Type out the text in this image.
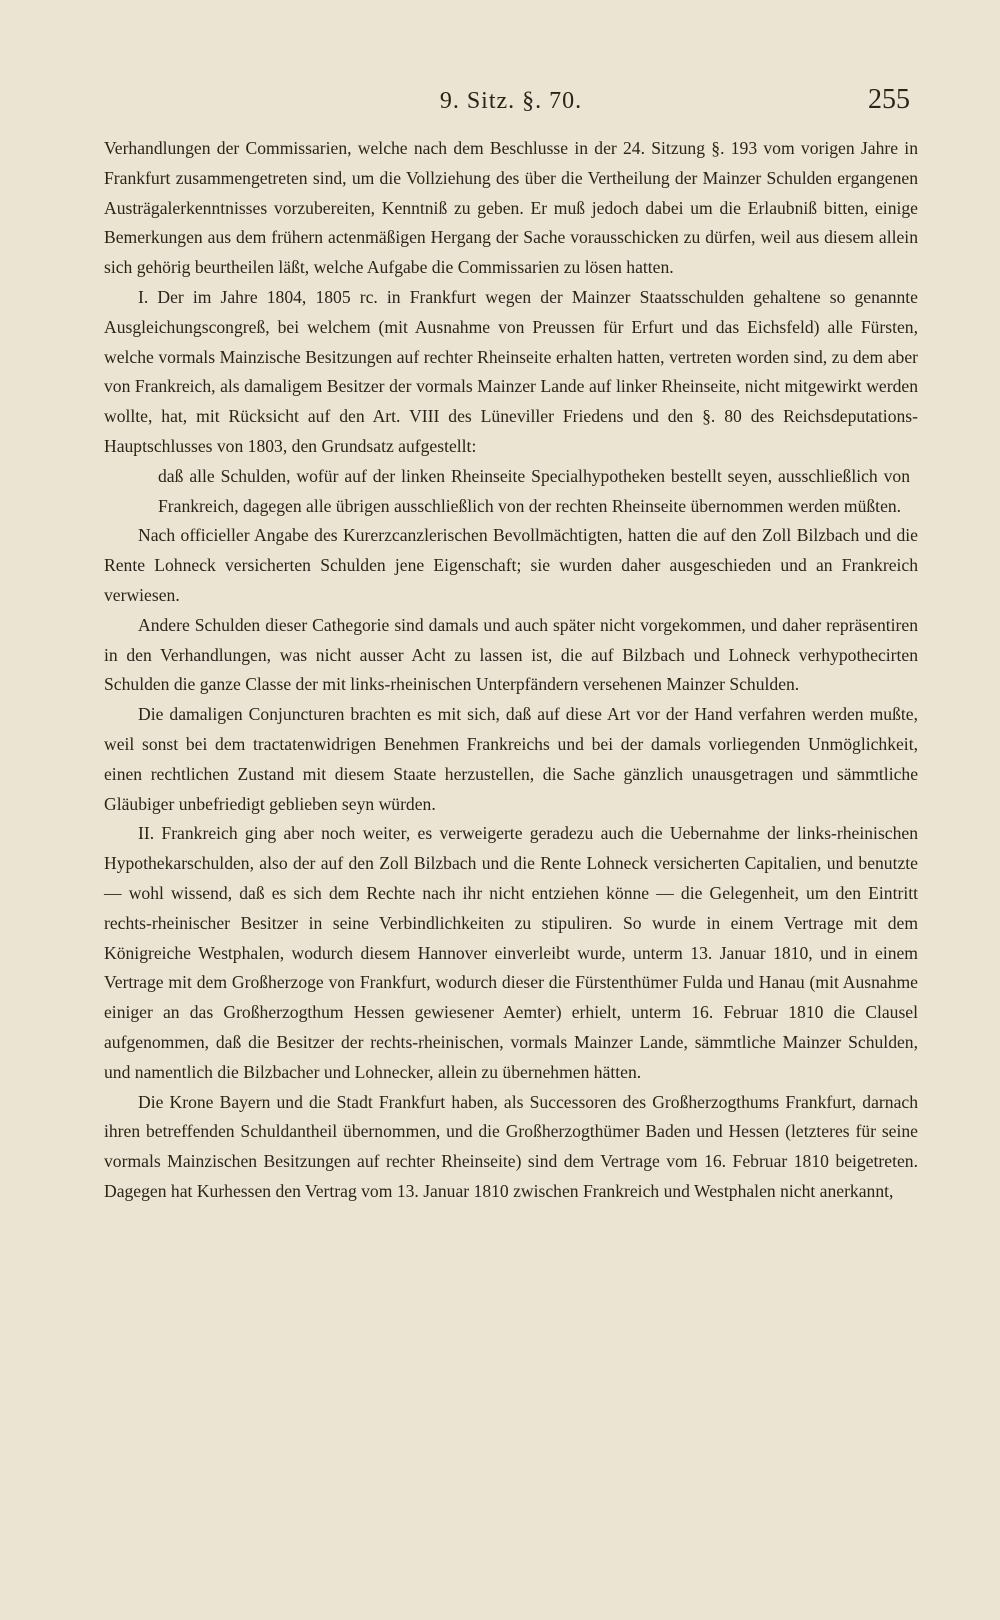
9. Sitz. §. 70.	255

Verhandlungen der Commissarien, welche nach dem Beschlusse in der 24. Sitzung §. 193 vom vorigen Jahre in Frankfurt zusammengetreten sind, um die Vollziehung des über die Vertheilung der Mainzer Schulden ergangenen Austrägalerkenntnisses vorzubereiten, Kenntniß zu geben. Er muß jedoch dabei um die Erlaubniß bitten, einige Bemerkungen aus dem frühern actenmäßigen Hergang der Sache vorausschicken zu dürfen, weil aus diesem allein sich gehörig beurtheilen läßt, welche Aufgabe die Commissarien zu lösen hatten.

I. Der im Jahre 1804, 1805 rc. in Frankfurt wegen der Mainzer Staatsschulden gehaltene so genannte Ausgleichungscongreß, bei welchem (mit Ausnahme von Preussen für Erfurt und das Eichsfeld) alle Fürsten, welche vormals Mainzische Besitzungen auf rechter Rheinseite erhalten hatten, vertreten worden sind, zu dem aber von Frankreich, als damaligem Besitzer der vormals Mainzer Lande auf linker Rheinseite, nicht mitgewirkt werden wollte, hat, mit Rücksicht auf den Art. VIII des Lüneviller Friedens und den §. 80 des Reichsdeputations-Hauptschlusses von 1803, den Grundsatz aufgestellt:

daß alle Schulden, wofür auf der linken Rheinseite Specialhypotheken bestellt seyen, ausschließlich von Frankreich, dagegen alle übrigen ausschließlich von der rechten Rheinseite übernommen werden müßten.

Nach officieller Angabe des Kurerzcanzlerischen Bevollmächtigten, hatten die auf den Zoll Bilzbach und die Rente Lohneck versicherten Schulden jene Eigenschaft; sie wurden daher ausgeschieden und an Frankreich verwiesen.

Andere Schulden dieser Cathegorie sind damals und auch später nicht vorgekommen, und daher repräsentiren in den Verhandlungen, was nicht ausser Acht zu lassen ist, die auf Bilzbach und Lohneck verhypothecirten Schulden die ganze Classe der mit links-rheinischen Unterpfändern versehenen Mainzer Schulden.

Die damaligen Conjuncturen brachten es mit sich, daß auf diese Art vor der Hand verfahren werden mußte, weil sonst bei dem tractatenwidrigen Benehmen Frankreichs und bei der damals vorliegenden Unmöglichkeit, einen rechtlichen Zustand mit diesem Staate herzustellen, die Sache gänzlich unausgetragen und sämmtliche Gläubiger unbefriedigt geblieben seyn würden.

II. Frankreich ging aber noch weiter, es verweigerte geradezu auch die Uebernahme der links-rheinischen Hypothekarschulden, also der auf den Zoll Bilzbach und die Rente Lohneck versicherten Capitalien, und benutzte — wohl wissend, daß es sich dem Rechte nach ihr nicht entziehen könne — die Gelegenheit, um den Eintritt rechts-rheinischer Besitzer in seine Verbindlichkeiten zu stipuliren. So wurde in einem Vertrage mit dem Königreiche Westphalen, wodurch diesem Hannover einverleibt wurde, unterm 13. Januar 1810, und in einem Vertrage mit dem Großherzoge von Frankfurt, wodurch dieser die Fürstenthümer Fulda und Hanau (mit Ausnahme einiger an das Großherzogthum Hessen gewiesener Aemter) erhielt, unterm 16. Februar 1810 die Clausel aufgenommen, daß die Besitzer der rechts-rheinischen, vormals Mainzer Lande, sämmtliche Mainzer Schulden, und namentlich die Bilzbacher und Lohnecker, allein zu übernehmen hätten.

Die Krone Bayern und die Stadt Frankfurt haben, als Successoren des Großherzogthums Frankfurt, darnach ihren betreffenden Schuldantheil übernommen, und die Großherzogthümer Baden und Hessen (letzteres für seine vormals Mainzischen Besitzungen auf rechter Rheinseite) sind dem Vertrage vom 16. Februar 1810 beigetreten. Dagegen hat Kurhessen den Vertrag vom 13. Januar 1810 zwischen Frankreich und Westphalen nicht anerkannt,
